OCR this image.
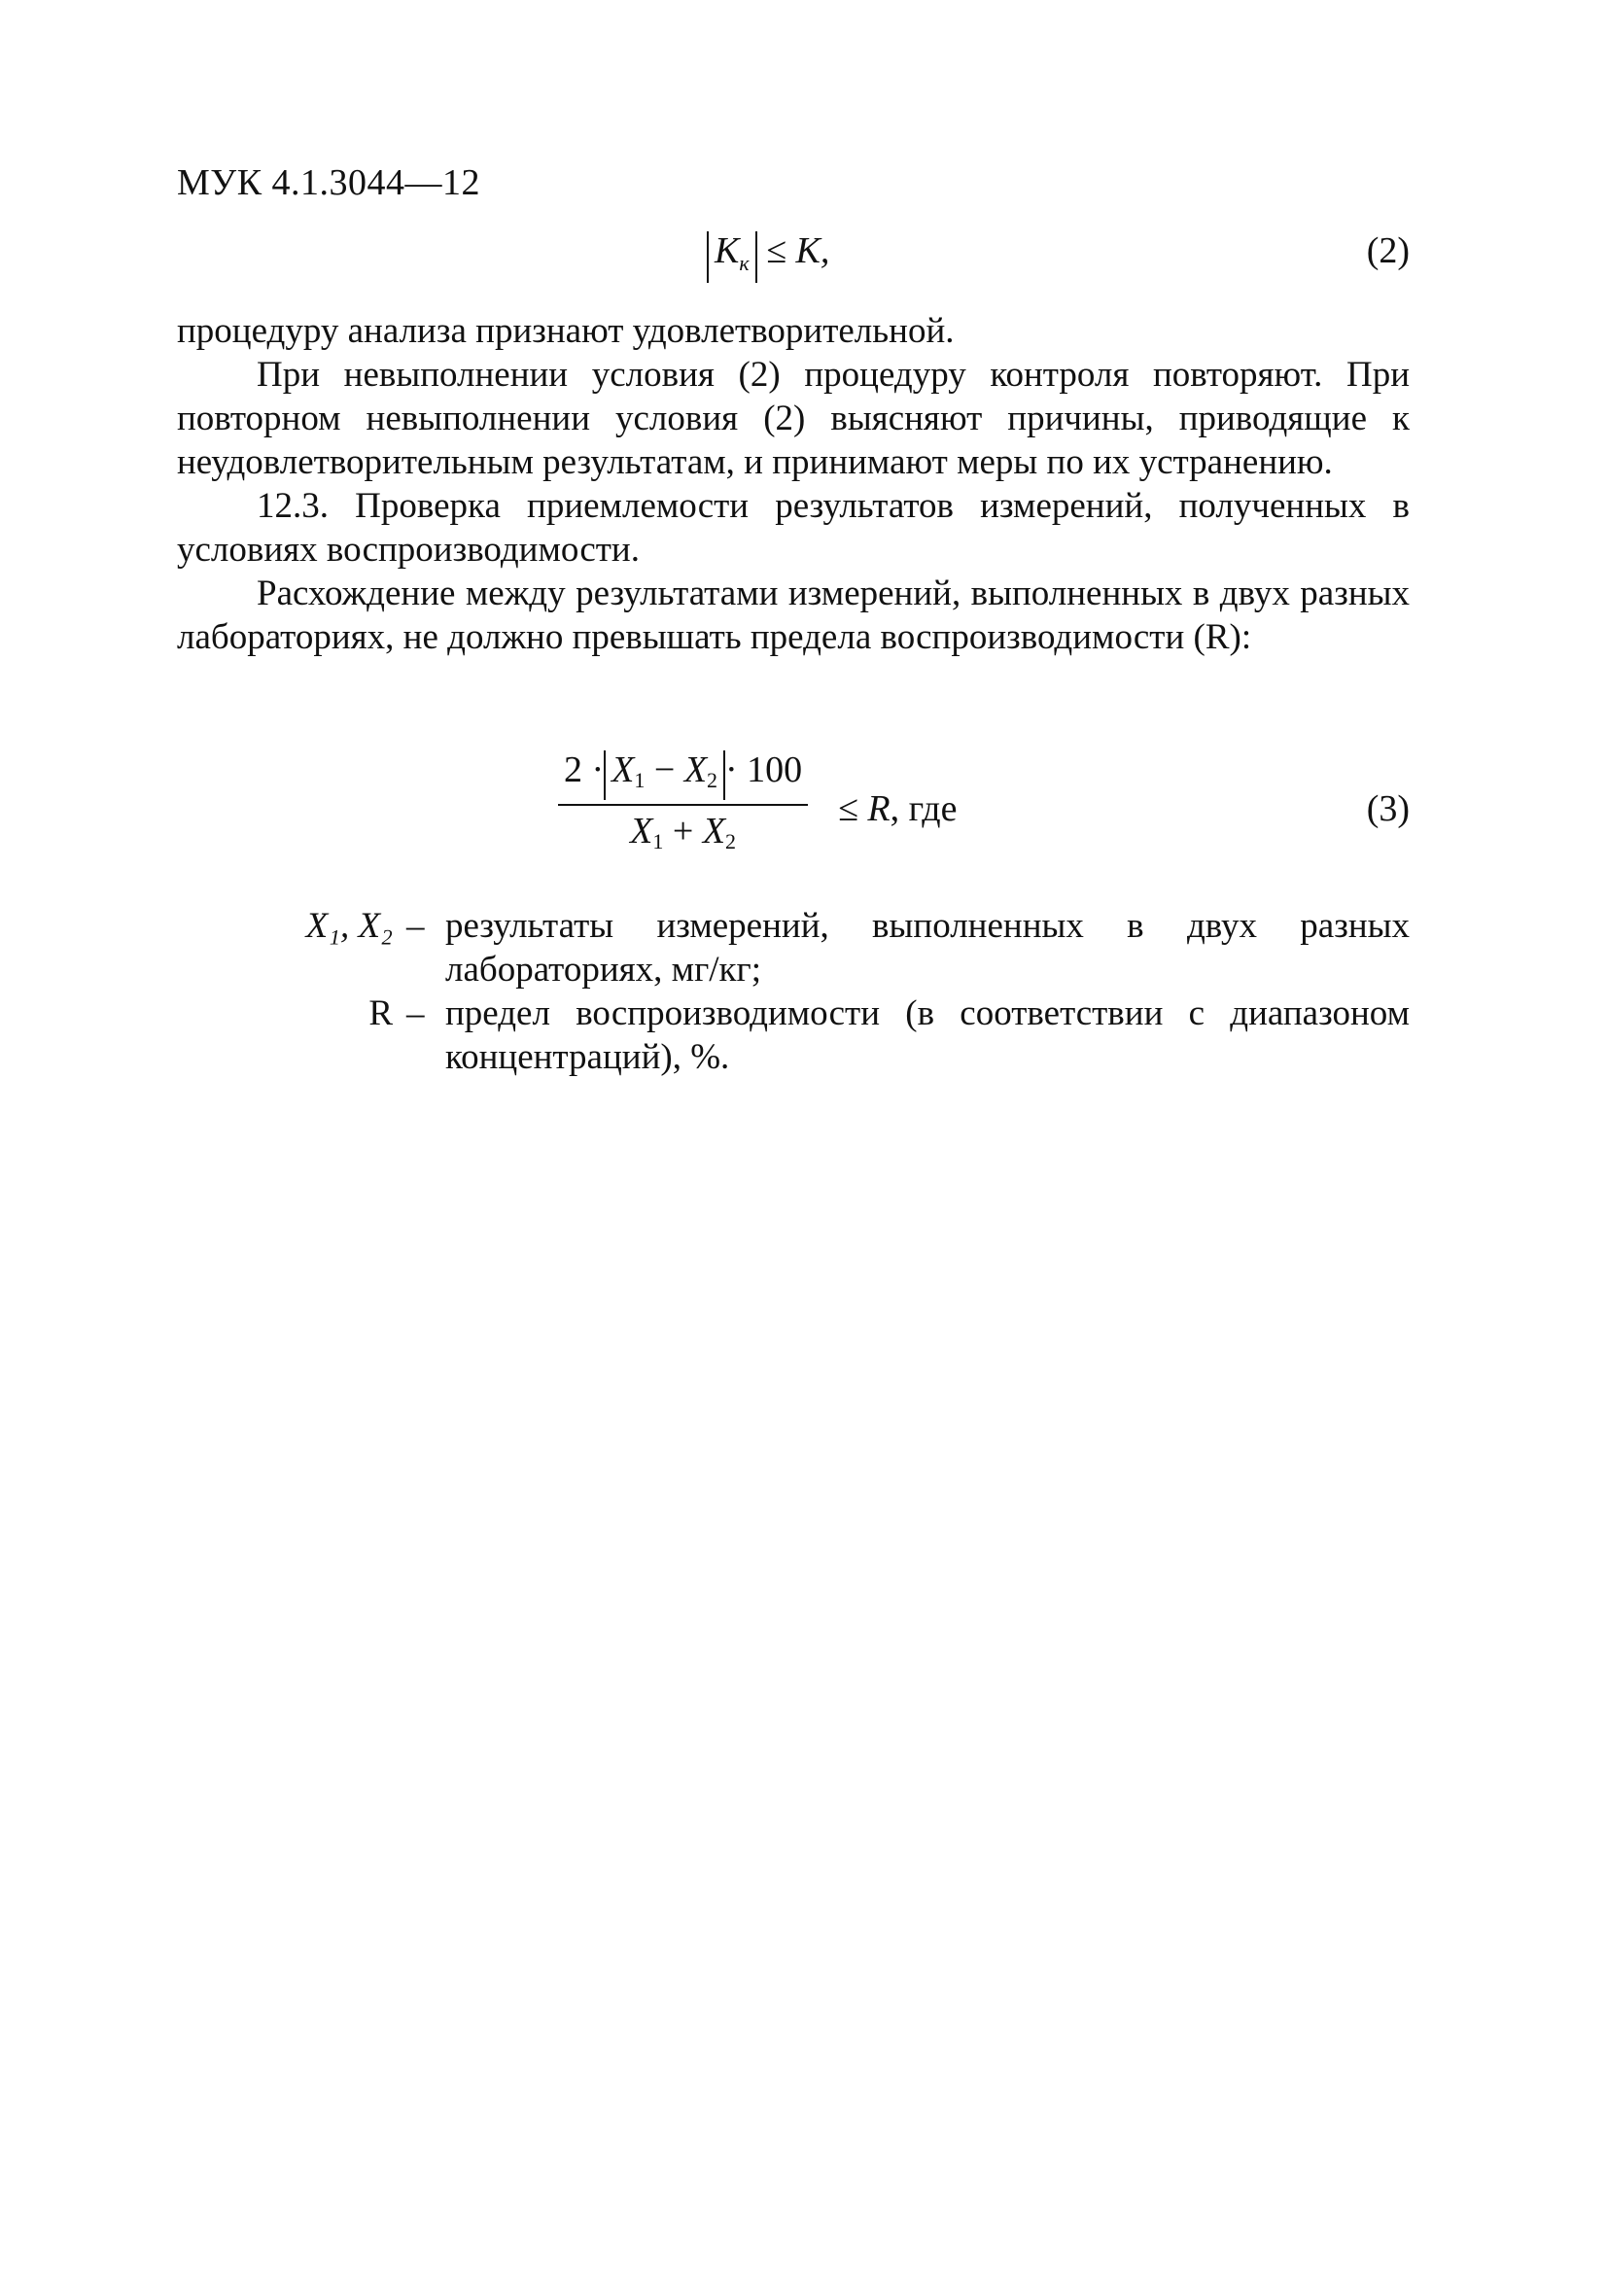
МУК 4.1.3044—12
$K_к \le K$,	(2)

процедуру анализа признают удовлетворительной.

При невыполнении условия (2) процедуру контроля повторяют. При повторном невыполнении условия (2) выясняют причины, приводящие к неудовлетворительным результатам, и принимают меры по их устранению.

12.3. Проверка приемлемости результатов измерений, полученных в условиях воспроизводимости.

Расхождение между результатами измерений, выполненных в двух разных лабораториях, не должно превышать предела воспроизводимости (R):

$\frac{2 \cdot X1 - X2 \cdot 100}{X1 + X2} \le R$, где	(3)
X₁, X₂ – результаты измерений, выполненных в двух разных лабораториях, мг/кг;
R – предел воспроизводимости (в соответствии с диапазоном концентраций), %.
